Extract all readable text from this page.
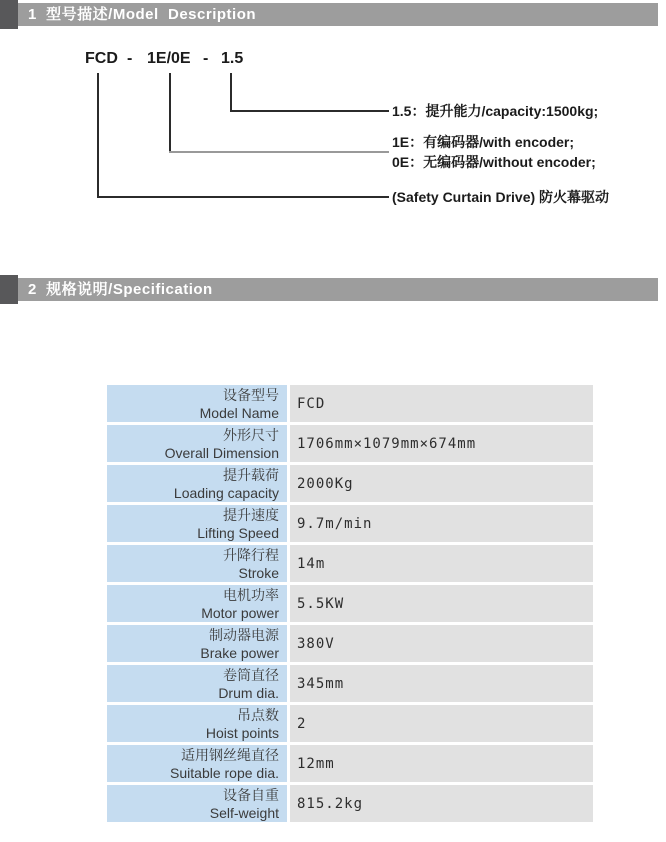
1  型号描述/Model  Description
FCD - 1E/0E - 1.5
1.5：提升能力/capacity:1500kg;
1E：有编码器/with encoder;
0E：无编码器/without encoder;
(Safety Curtain Drive) 防火幕驱动
2  规格说明/Specification
设备型号
Model Name
FCD
外形尺寸
Overall Dimension
1706mm×1079mm×674mm
提升载荷
Loading capacity
2000Kg
提升速度
Lifting Speed
9.7m/min
升降行程
Stroke
14m
电机功率
Motor power
5.5KW
制动器电源
Brake power
380V
卷筒直径
Drum dia.
345mm
吊点数
Hoist points
2
适用钢丝绳直径
Suitable rope dia.
12mm
设备自重
Self-weight
815.2kg
